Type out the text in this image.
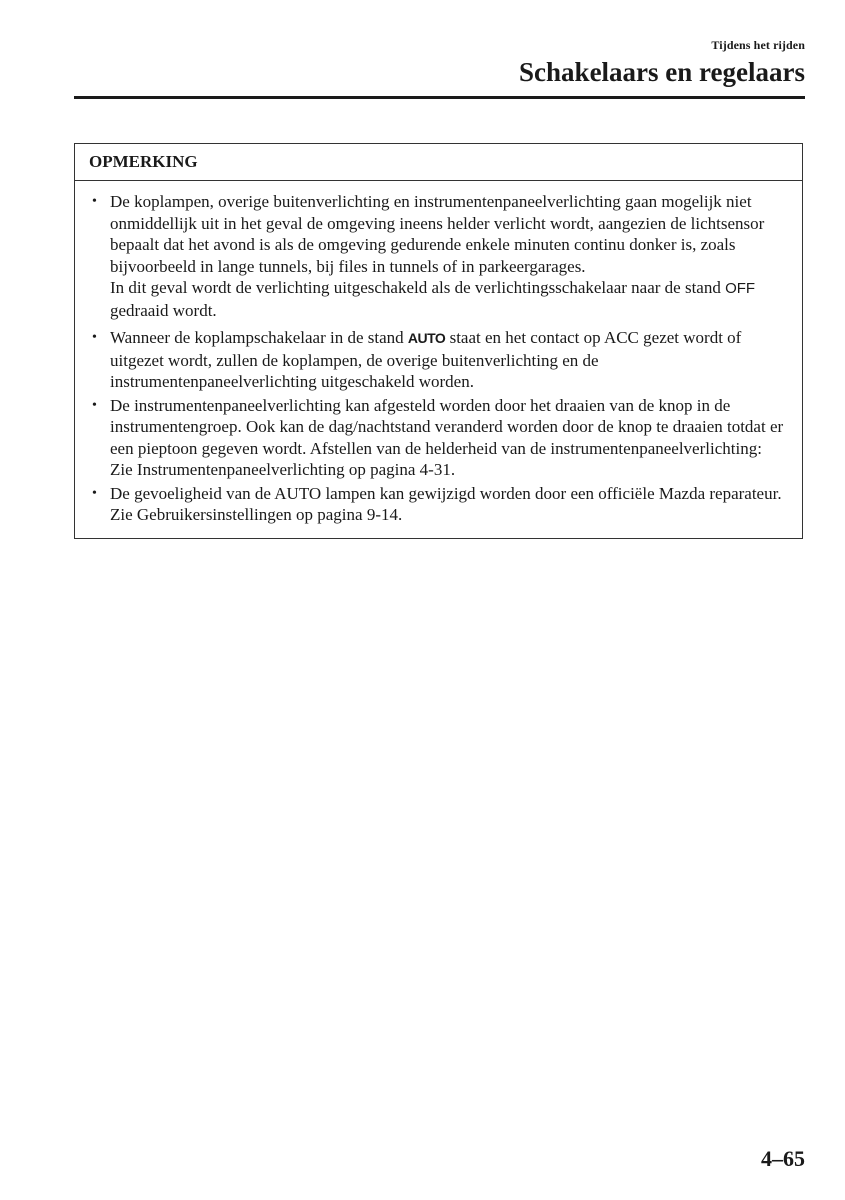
Tijdens het rijden
Schakelaars en regelaars
OPMERKING
• De koplampen, overige buitenverlichting en instrumentenpaneelverlichting gaan mogelijk niet onmiddellijk uit in het geval de omgeving ineens helder verlicht wordt, aangezien de lichtsensor bepaalt dat het avond is als de omgeving gedurende enkele minuten continu donker is, zoals bijvoorbeeld in lange tunnels, bij files in tunnels of in parkeergarages.
In dit geval wordt de verlichting uitgeschakeld als de verlichtingsschakelaar naar de stand OFF gedraaid wordt.
• Wanneer de koplampschakelaar in de stand AUTO staat en het contact op ACC gezet wordt of uitgezet wordt, zullen de koplampen, de overige buitenverlichting en de instrumentenpaneelverlichting uitgeschakeld worden.
• De instrumentenpaneelverlichting kan afgesteld worden door het draaien van de knop in de instrumentengroep. Ook kan de dag/nachtstand veranderd worden door de knop te draaien totdat er een pieptoon gegeven wordt. Afstellen van de helderheid van de instrumentenpaneelverlichting: Zie Instrumentenpaneelverlichting op pagina 4-31.
• De gevoeligheid van de AUTO lampen kan gewijzigd worden door een officiële Mazda reparateur. Zie Gebruikersinstellingen op pagina 9-14.
4–65
